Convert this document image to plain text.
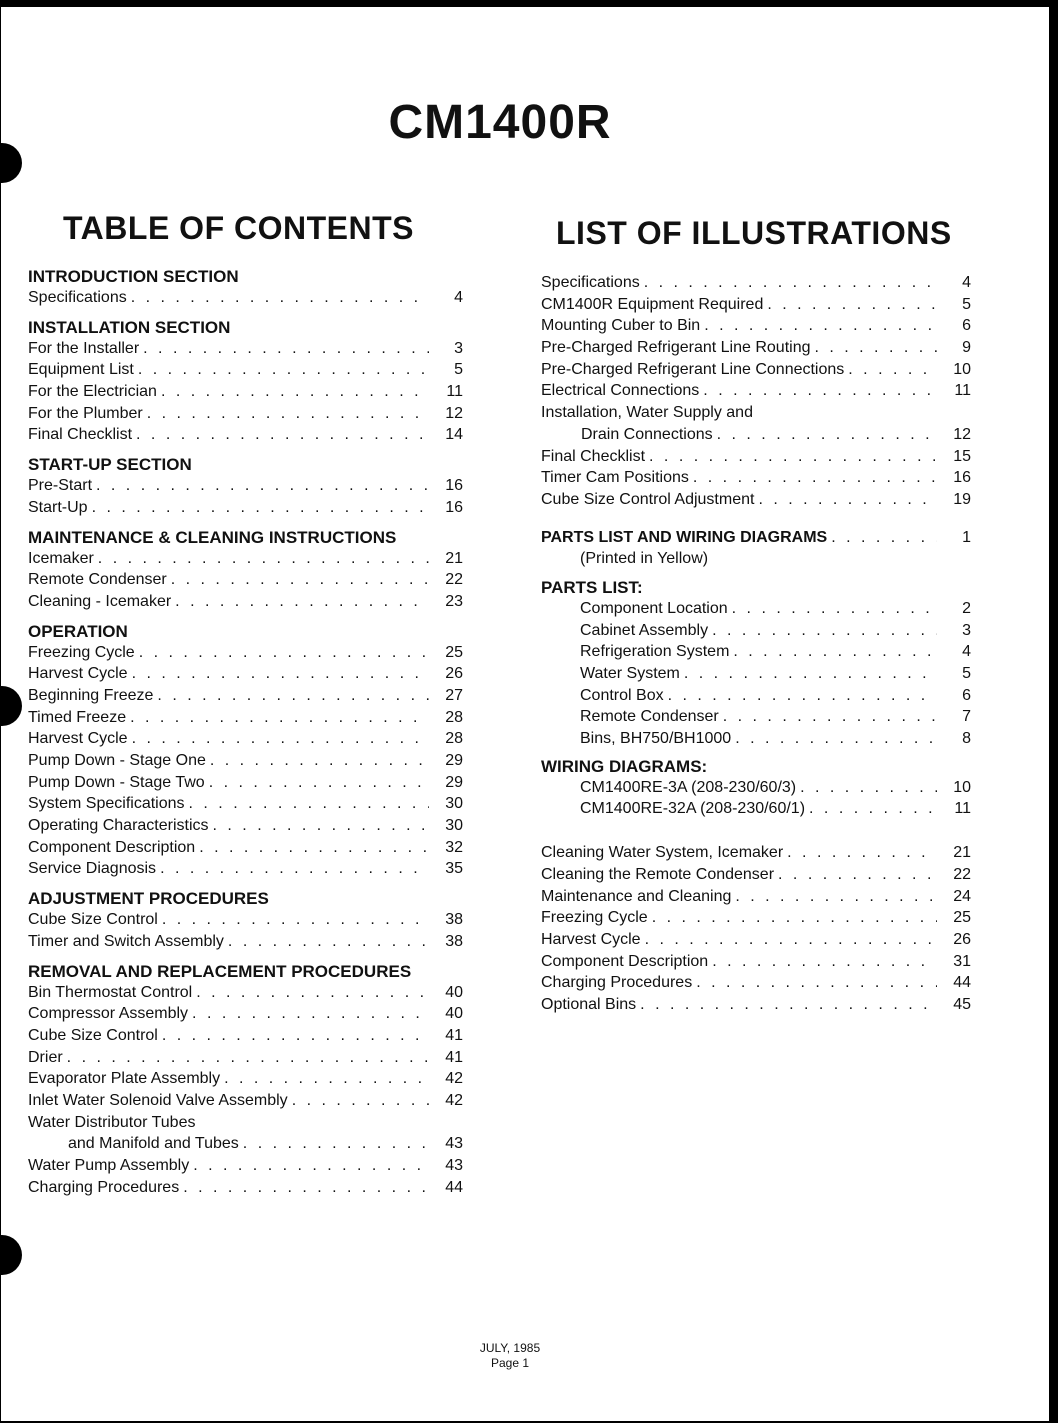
CM1400R
TABLE OF CONTENTS	LIST OF ILLUSTRATIONS
INTRODUCTION SECTION
Specifications . . .	4
INSTALLATION SECTION
For the Installer . . .	3
Equipment List . . .	5
For the Electrician . . .	11
For the Plumber . . .	12
Final Checklist . . .	14
START-UP SECTION
Pre-Start . . .	16
Start-Up . . .	16
MAINTENANCE & CLEANING INSTRUCTIONS
Icemaker . . .	21
Remote Condenser . . .	22
Cleaning - Icemaker . . .	23
OPERATION
Freezing Cycle . . .	25
Harvest Cycle . . .	26
Beginning Freeze . . .	27
Timed Freeze . . .	28
Harvest Cycle . . .	28
Pump Down - Stage One . . .	29
Pump Down - Stage Two . . .	29
System Specifications . . .	30
Operating Characteristics . . .	30
Component Description . . .	32
Service Diagnosis . . .	35
ADJUSTMENT PROCEDURES
Cube Size Control . . .	38
Timer and Switch Assembly . . .	38
REMOVAL AND REPLACEMENT PROCEDURES
Bin Thermostat Control . . .	40
Compressor Assembly . . .	40
Cube Size Control . . .	41
Drier . . .	41
Evaporator Plate Assembly . . .	42
Inlet Water Solenoid Valve Assembly . . .	42
Water Distributor Tubes
and Manifold and Tubes . . .	43
Water Pump Assembly . . .	43
Charging Procedures . . .	44
Specifications . . .	4
CM1400R Equipment Required . . .	5
Mounting Cuber to Bin . . .	6
Pre-Charged Refrigerant Line Routing . . .	9
Pre-Charged Refrigerant Line Connections . . .	10
Electrical Connections . . .	11
Installation, Water Supply and
Drain Connections . . .	12
Final Checklist . . .	15
Timer Cam Positions . . .	16
Cube Size Control Adjustment . . .	19
PARTS LIST AND WIRING DIAGRAMS . . .	1
(Printed in Yellow)
PARTS LIST:
Component Location . . .	2
Cabinet Assembly . . .	3
Refrigeration System . . .	4
Water System . . .	5
Control Box . . .	6
Remote Condenser . . .	7
Bins, BH750/BH1000 . . .	8
WIRING DIAGRAMS:
CM1400RE-3A (208-230/60/3) . . .	10
CM1400RE-32A (208-230/60/1) . . .	11
Cleaning Water System, Icemaker . . .	21
Cleaning the Remote Condenser . . .	22
Maintenance and Cleaning . . .	24
Freezing Cycle . . .	25
Harvest Cycle . . .	26
Component Description . . .	31
Charging Procedures . . .	44
Optional Bins . . .	45
JULY, 1985
Page 1
